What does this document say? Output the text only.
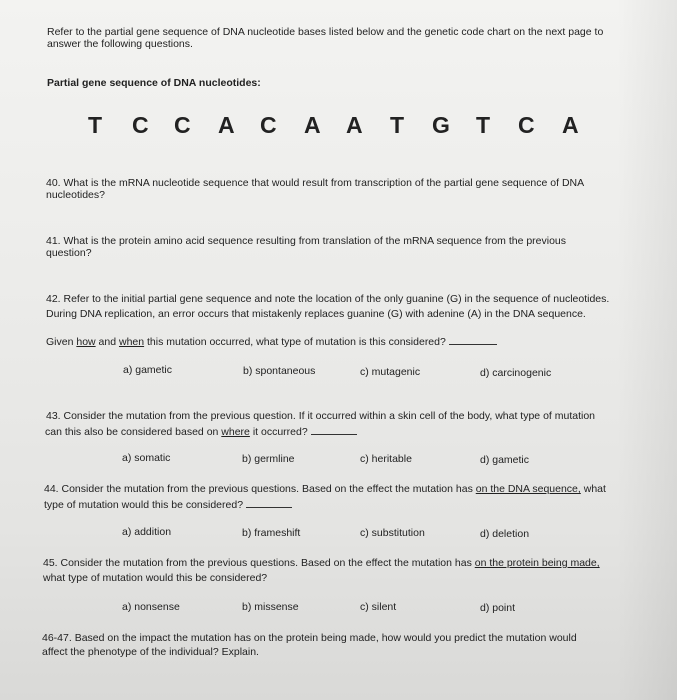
Refer to the partial gene sequence of DNA nucleotide bases listed below and the genetic code chart on the next page to
answer the following questions.
Partial gene sequence of DNA nucleotides:
T C C A C A A T G T C A
40. What is the mRNA nucleotide sequence that would result from transcription of the partial gene sequence of DNA
nucleotides?
41. What is the protein amino acid sequence resulting from translation of the mRNA sequence from the previous
question?
42. Refer to the initial partial gene sequence and note the location of the only guanine (G) in the sequence of nucleotides.
During DNA replication, an error occurs that mistakenly replaces guanine (G) with adenine (A) in the DNA sequence.
Given how and when this mutation occurred, what type of mutation is this considered?
a) gametic	b) spontaneous	c) mutagenic	d) carcinogenic
43. Consider the mutation from the previous question. If it occurred within a skin cell of the body, what type of mutation
can this also be considered based on where it occurred?
a) somatic	b) germline	c) heritable	d) gametic
44. Consider the mutation from the previous questions. Based on the effect the mutation has on the DNA sequence, what
type of mutation would this be considered?
a) addition	b) frameshift	c) substitution	d) deletion
45. Consider the mutation from the previous questions. Based on the effect the mutation has on the protein being made,
what type of mutation would this be considered?
a) nonsense	b) missense	c) silent	d) point
46-47. Based on the impact the mutation has on the protein being made, how would you predict the mutation would
affect the phenotype of the individual? Explain.
